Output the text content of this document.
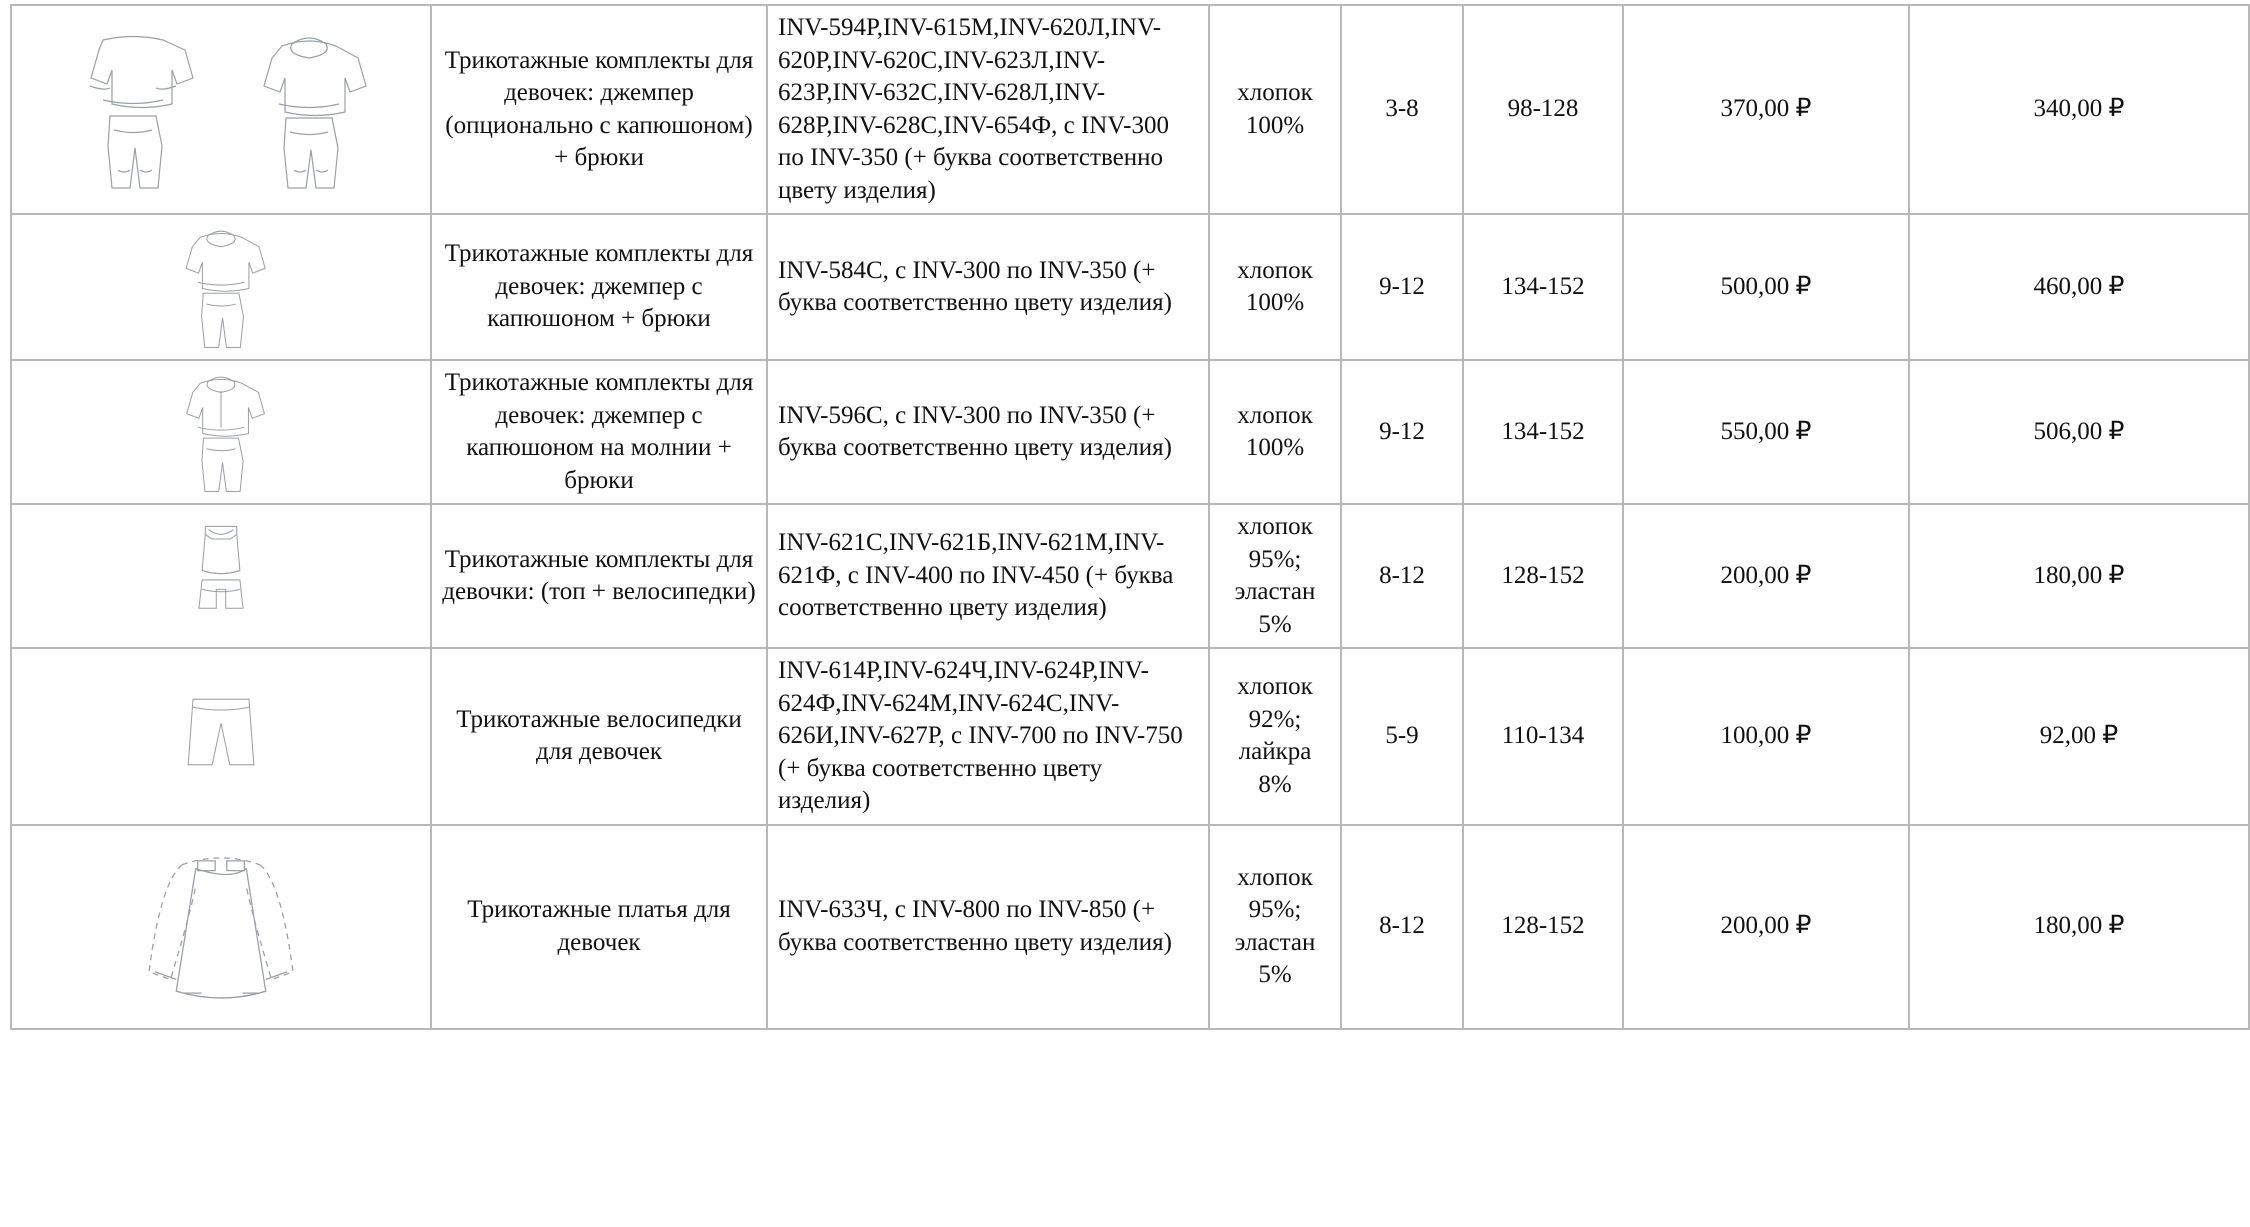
	Трикотажные комплекты для девочек: джемпер (опционально с капюшоном) + брюки	INV-594Р,INV-615М,INV-620Л,INV-620Р,INV-620С,INV-623Л,INV-623Р,INV-632С,INV-628Л,INV-628Р,INV-628С,INV-654Ф, с INV-300 по INV-350 (+ буква соответственно цвету изделия)	хлопок 100%	3-8	98-128	370,00 ₽	340,00 ₽

	Трикотажные комплекты для девочек: джемпер с капюшоном + брюки	INV-584С, с INV-300 по INV-350 (+ буква соответственно цвету изделия)	хлопок 100%	9-12	134-152	500,00 ₽	460,00 ₽

	Трикотажные комплекты для девочек: джемпер с капюшоном на молнии + брюки	INV-596С, с INV-300 по INV-350 (+ буква соответственно цвету изделия)	хлопок 100%	9-12	134-152	550,00 ₽	506,00 ₽

	Трикотажные комплекты для девочки: (топ + велосипедки)	INV-621С,INV-621Б,INV-621М,INV-621Ф, с INV-400 по INV-450 (+ буква соответственно цвету изделия)	хлопок 95%; эластан 5%	8-12	128-152	200,00 ₽	180,00 ₽

	Трикотажные велосипедки для девочек	INV-614Р,INV-624Ч,INV-624Р,INV-624Ф,INV-624М,INV-624С,INV-626И,INV-627Р, с INV-700 по INV-750 (+ буква соответственно цвету изделия)	хлопок 92%; лайкра 8%	5-9	110-134	100,00 ₽	92,00 ₽

	Трикотажные платья для девочек	INV-633Ч, с INV-800 по INV-850 (+ буква соответственно цвету изделия)	хлопок 95%; эластан 5%	8-12	128-152	200,00 ₽	180,00 ₽
